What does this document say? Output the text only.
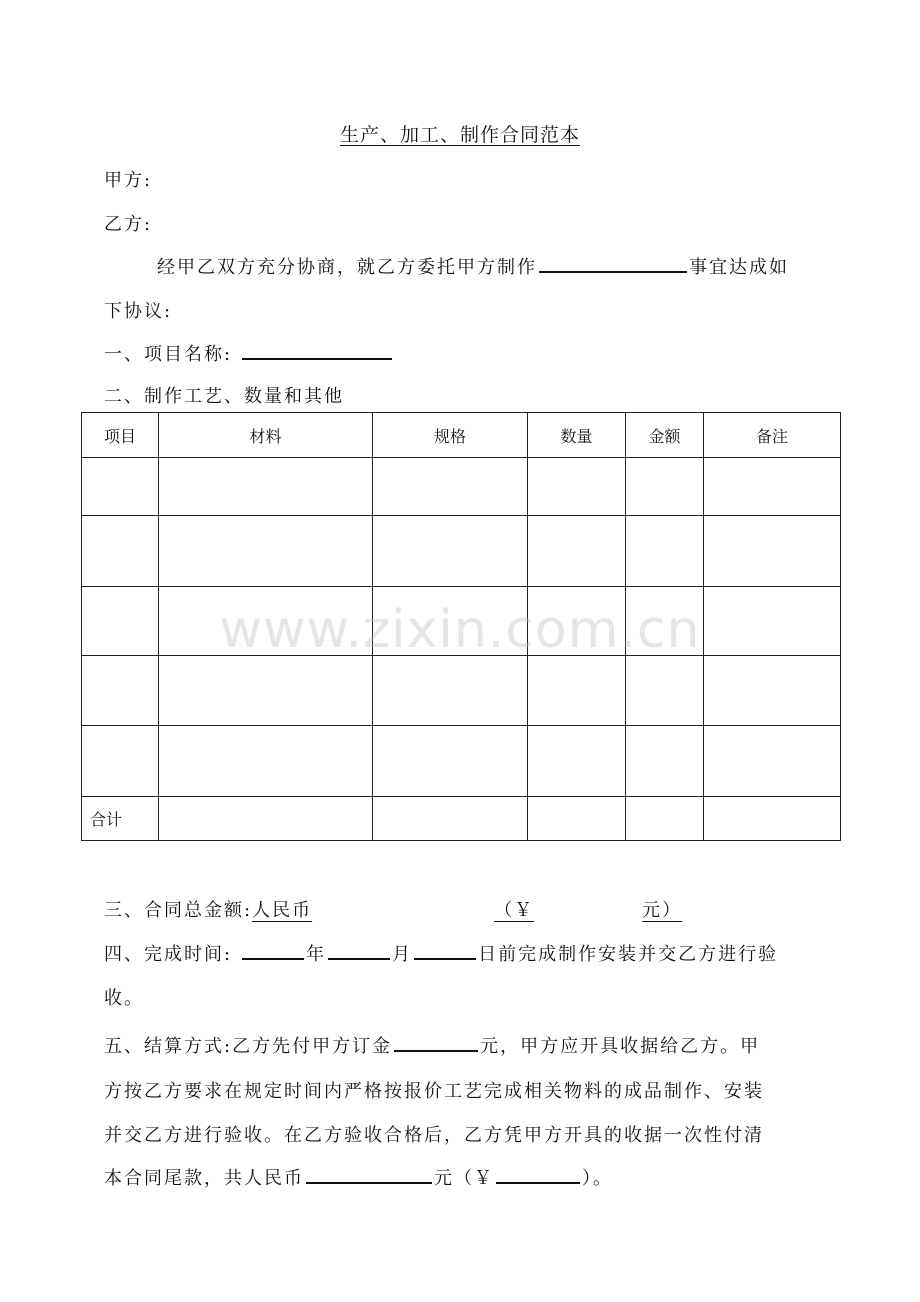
生产、加工、制作合同范本
甲方:
乙方:
经甲乙双方充分协商，就乙方委托甲方制作	事宜达成如
下协议:
一、项目名称:
二、制作工艺、数量和其他
项目	材料	规格	数量	金额	备注

合计					
www.zixin.com.cn
三、合同总金额:人民币	（￥	元）
四、完成时间:	年	月	日前完成制作安装并交乙方进行验
收。
五、结算方式:乙方先付甲方订金	元，甲方应开具收据给乙方。甲
方按乙方要求在规定时间内严格按报价工艺完成相关物料的成品制作、安装
并交乙方进行验收。在乙方验收合格后，乙方凭甲方开具的收据一次性付清
本合同尾款，共人民币	元（￥	）。
